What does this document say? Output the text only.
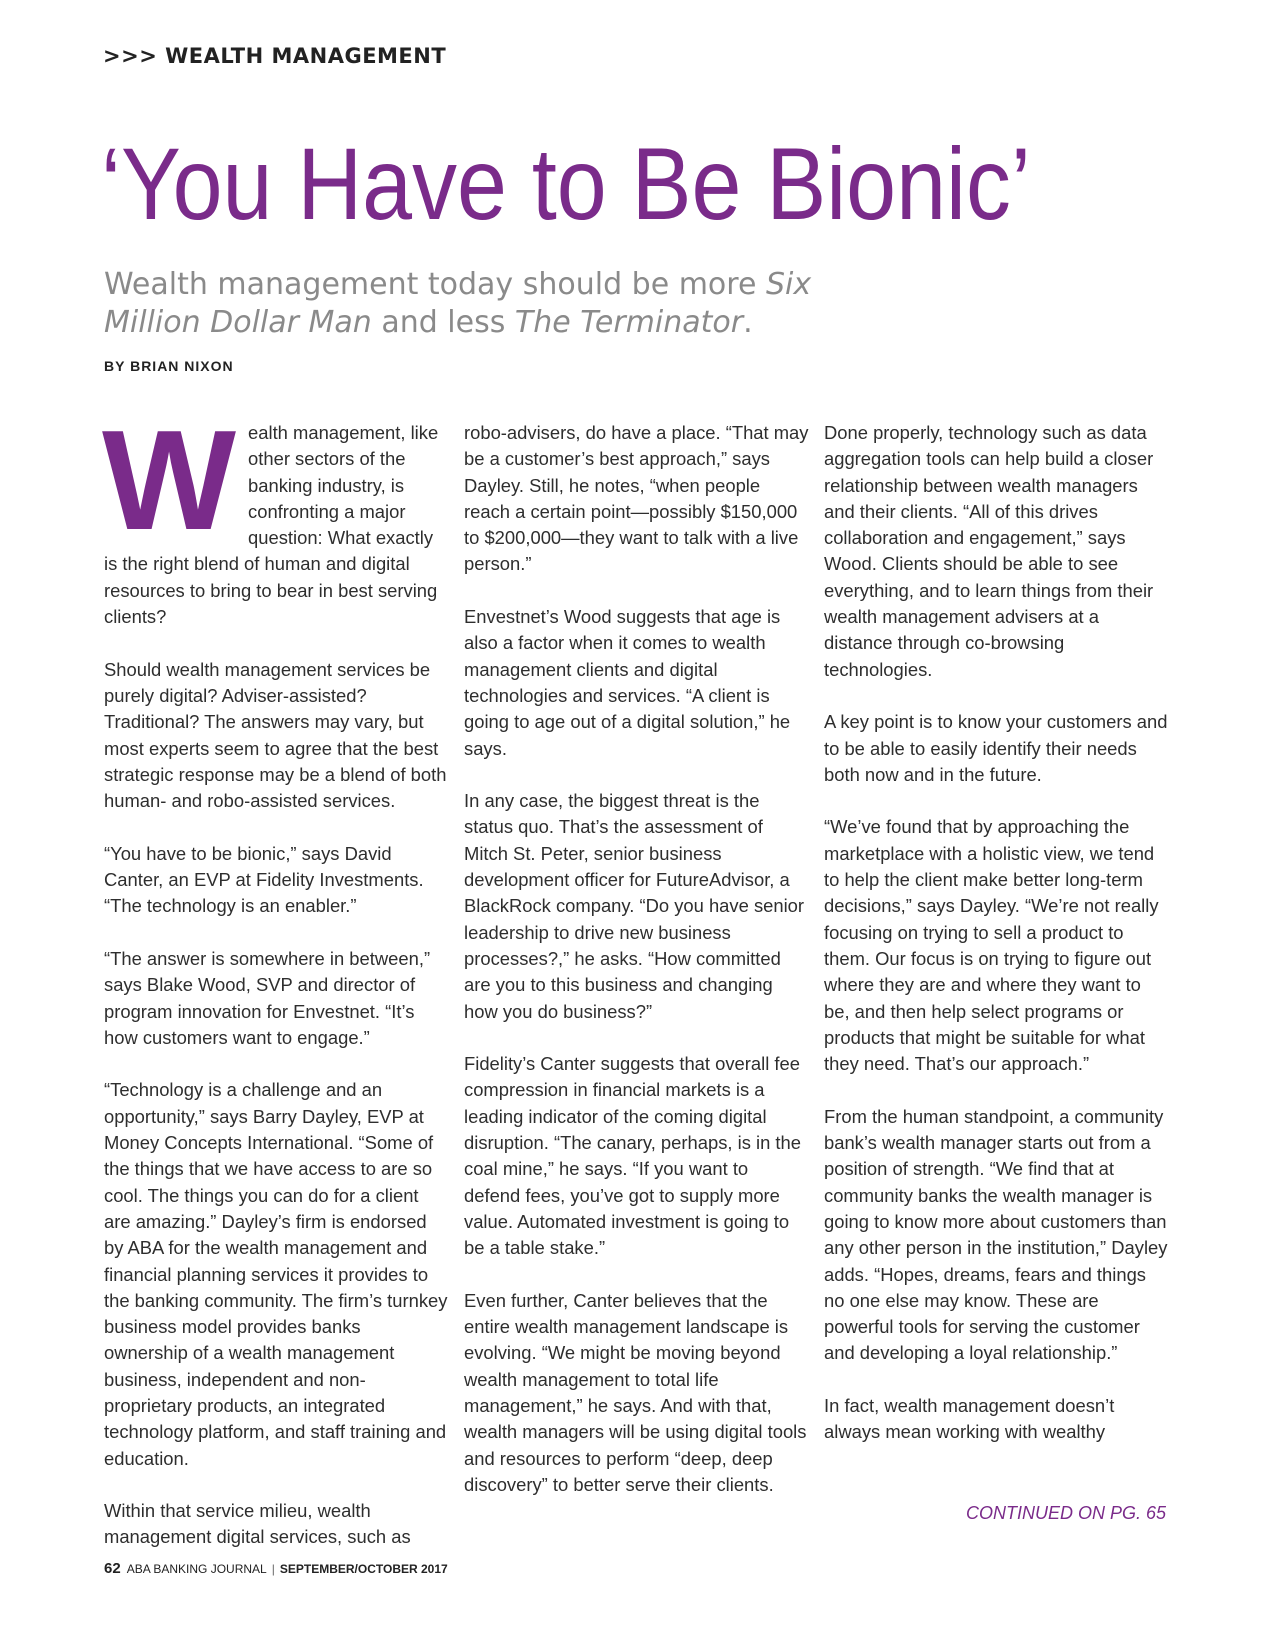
>>> WEALTH MANAGEMENT
‘You Have to Be Bionic’
Wealth management today should be more Six Million Dollar Man and less The Terminator.
BY BRIAN NIXON

Wealth management, like other sectors of the banking industry, is confronting a major question: What exactly is the right blend of human and digital resources to bring to bear in best serving clients?

Should wealth management services be purely digital? Adviser-assisted? Traditional? The answers may vary, but most experts seem to agree that the best strategic response may be a blend of both human- and robo-assisted services.

“You have to be bionic,” says David Canter, an EVP at Fidelity Investments. “The technology is an enabler.”

“The answer is somewhere in between,” says Blake Wood, SVP and director of program innovation for Envestnet. “It’s how customers want to engage.”

“Technology is a challenge and an opportunity,” says Barry Dayley, EVP at Money Concepts International. “Some of the things that we have access to are so cool. The things you can do for a client are amazing.” Dayley’s firm is endorsed by ABA for the wealth management and financial planning services it provides to the banking community. The firm’s turnkey business model provides banks ownership of a wealth management business, independent and non-proprietary products, an integrated technology platform, and staff training and education.

Within that service milieu, wealth management digital services, such as

robo-advisers, do have a place. “That may be a customer’s best approach,” says Dayley. Still, he notes, “when people reach a certain point—possibly $150,000 to $200,000—they want to talk with a live person.”

Envestnet’s Wood suggests that age is also a factor when it comes to wealth management clients and digital technologies and services. “A client is going to age out of a digital solution,” he says.

In any case, the biggest threat is the status quo. That’s the assessment of Mitch St. Peter, senior business development officer for FutureAdvisor, a BlackRock company. “Do you have senior leadership to drive new business processes?,” he asks. “How committed are you to this business and changing how you do business?”

Fidelity’s Canter suggests that overall fee compression in financial markets is a leading indicator of the coming digital disruption. “The canary, perhaps, is in the coal mine,” he says. “If you want to defend fees, you’ve got to supply more value. Automated investment is going to be a table stake.”

Even further, Canter believes that the entire wealth management landscape is evolving. “We might be moving beyond wealth management to total life management,” he says. And with that, wealth managers will be using digital tools and resources to perform “deep, deep discovery” to better serve their clients.

Done properly, technology such as data aggregation tools can help build a closer relationship between wealth managers and their clients. “All of this drives collaboration and engagement,” says Wood. Clients should be able to see everything, and to learn things from their wealth management advisers at a distance through co-browsing technologies.

A key point is to know your customers and to be able to easily identify their needs both now and in the future.

“We’ve found that by approaching the marketplace with a holistic view, we tend to help the client make better long-term decisions,” says Dayley. “We’re not really focusing on trying to sell a product to them. Our focus is on trying to figure out where they are and where they want to be, and then help select programs or products that might be suitable for what they need. That’s our approach.”

From the human standpoint, a community bank’s wealth manager starts out from a position of strength. “We find that at community banks the wealth manager is going to know more about customers than any other person in the institution,” Dayley adds. “Hopes, dreams, fears and things no one else may know. These are powerful tools for serving the customer and developing a loyal relationship.”

In fact, wealth management doesn’t always mean working with wealthy

CONTINUED ON PG. 65
62 ABA BANKING JOURNAL | SEPTEMBER/OCTOBER 2017
